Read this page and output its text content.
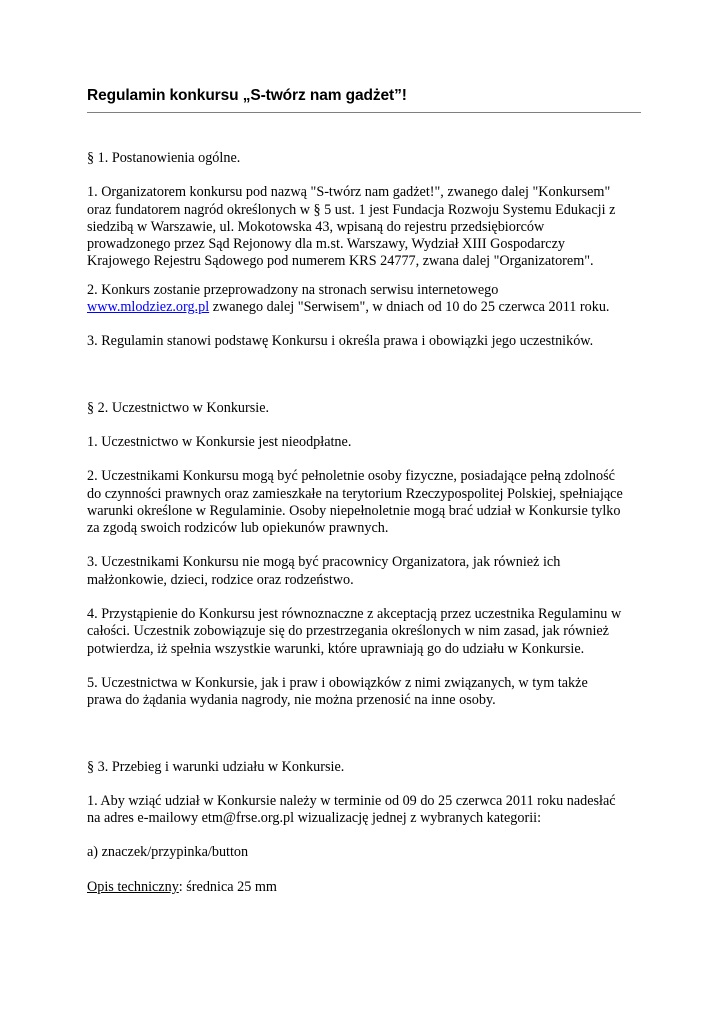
Regulamin konkursu „S-twórz nam gadżet”!

§ 1. Postanowienia ogólne.

1. Organizatorem konkursu pod nazwą "S-twórz nam gadżet!", zwanego dalej "Konkursem"

oraz fundatorem nagród określonych w § 5 ust. 1 jest Fundacja Rozwoju Systemu Edukacji z

siedzibą w Warszawie, ul. Mokotowska 43, wpisaną do rejestru przedsiębiorców

prowadzonego przez Sąd Rejonowy dla m.st. Warszawy, Wydział XIII Gospodarczy

Krajowego Rejestru Sądowego pod numerem KRS 24777, zwana dalej "Organizatorem".

2. Konkurs zostanie przeprowadzony na stronach serwisu internetowego

www.mlodziez.org.pl zwanego dalej "Serwisem", w dniach od 10 do 25 czerwca 2011 roku.

3. Regulamin stanowi podstawę Konkursu i określa prawa i obowiązki jego uczestników.

§ 2. Uczestnictwo w Konkursie.

1. Uczestnictwo w Konkursie jest nieodpłatne.

2. Uczestnikami Konkursu mogą być pełnoletnie osoby fizyczne, posiadające pełną zdolność

do czynności prawnych oraz zamieszkałe na terytorium Rzeczypospolitej Polskiej, spełniające

warunki określone w Regulaminie. Osoby niepełnoletnie mogą brać udział w Konkursie tylko

za zgodą swoich rodziców lub opiekunów prawnych.

3. Uczestnikami Konkursu nie mogą być pracownicy Organizatora, jak również ich

małżonkowie, dzieci, rodzice oraz rodzeństwo.

4. Przystąpienie do Konkursu jest równoznaczne z akceptacją przez uczestnika Regulaminu w

całości. Uczestnik zobowiązuje się do przestrzegania określonych w nim zasad, jak również

potwierdza, iż spełnia wszystkie warunki, które uprawniają go do udziału w Konkursie.

5. Uczestnictwa w Konkursie, jak i praw i obowiązków z nimi związanych, w tym także

prawa do żądania wydania nagrody, nie można przenosić na inne osoby.

§ 3. Przebieg i warunki udziału w Konkursie.

1. Aby wziąć udział w Konkursie należy w terminie od 09 do 25 czerwca 2011 roku nadesłać

na adres e-mailowy etm@frse.org.pl wizualizację jednej z wybranych kategorii:

a) znaczek/przypinka/button

Opis techniczny: średnica 25 mm
